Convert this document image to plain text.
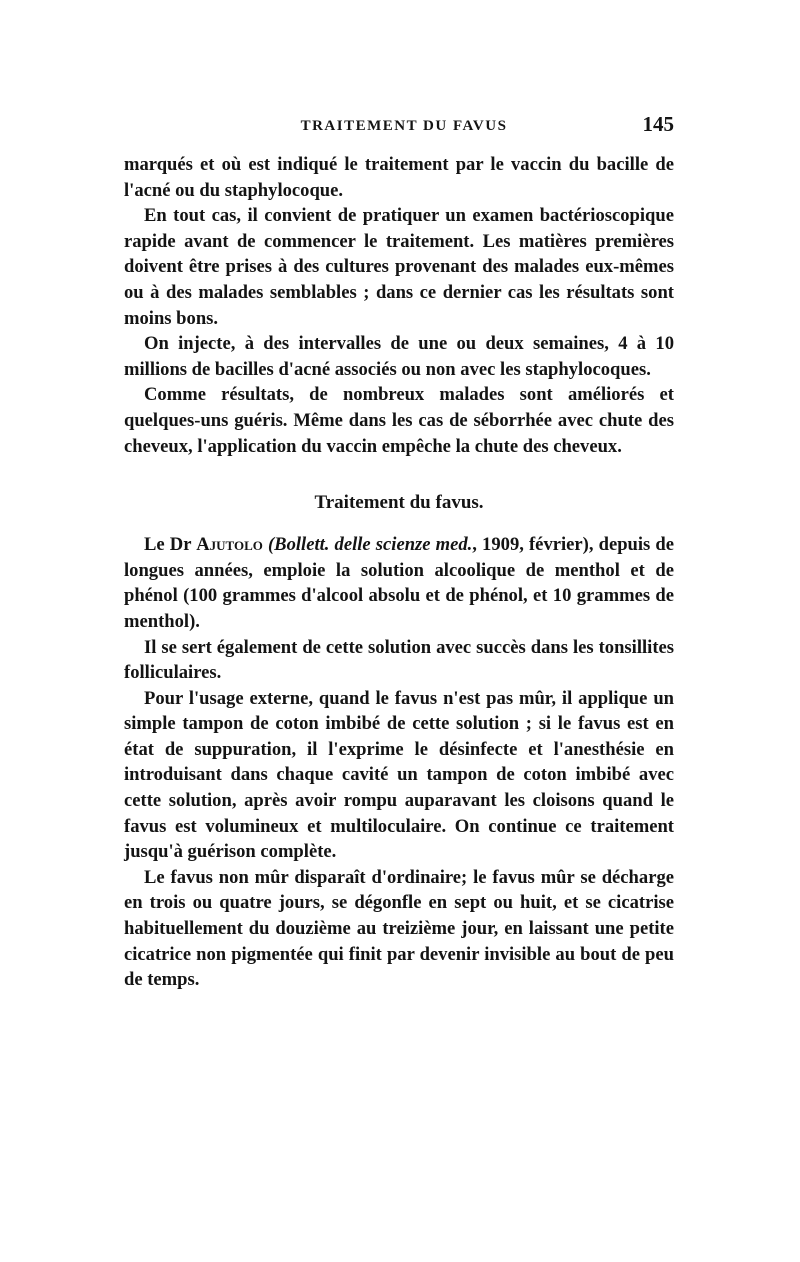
TRAITEMENT DU FAVUS	145

marqués et où est indiqué le traitement par le vaccin du bacille de l'acné ou du staphylocoque.

En tout cas, il convient de pratiquer un examen bactérioscopique rapide avant de commencer le traitement. Les matières premières doivent être prises à des cultures provenant des malades eux-mêmes ou à des malades semblables ; dans ce dernier cas les résultats sont moins bons.

On injecte, à des intervalles de une ou deux semaines, 4 à 10 millions de bacilles d'acné associés ou non avec les staphylocoques.

Comme résultats, de nombreux malades sont améliorés et quelques-uns guéris. Même dans les cas de séborrhée avec chute des cheveux, l'application du vaccin empêche la chute des cheveux.

Traitement du favus.

Le Dr Ajutolo (Bollett. delle scienze med., 1909, février), depuis de longues années, emploie la solution alcoolique de menthol et de phénol (100 grammes d'alcool absolu et de phénol, et 10 grammes de menthol).

Il se sert également de cette solution avec succès dans les tonsillites folliculaires.

Pour l'usage externe, quand le favus n'est pas mûr, il applique un simple tampon de coton imbibé de cette solution ; si le favus est en état de suppuration, il l'exprime le désinfecte et l'anesthésie en introduisant dans chaque cavité un tampon de coton imbibé avec cette solution, après avoir rompu auparavant les cloisons quand le favus est volumineux et multiloculaire. On continue ce traitement jusqu'à guérison complète.

Le favus non mûr disparaît d'ordinaire; le favus mûr se décharge en trois ou quatre jours, se dégonfle en sept ou huit, et se cicatrise habituellement du douzième au treizième jour, en laissant une petite cicatrice non pigmentée qui finit par devenir invisible au bout de peu de temps.
